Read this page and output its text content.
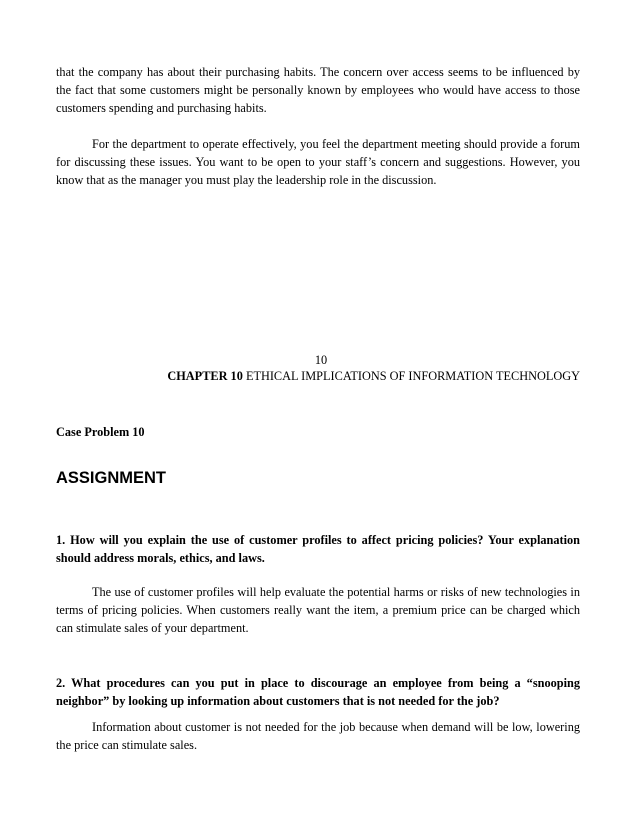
that the company has about their purchasing habits. The concern over access seems to be influenced by the fact that some customers might be personally known by employees who would have access to those customers spending and purchasing habits.

For the department to operate effectively, you feel the department meeting should provide a forum for discussing these issues. You want to be open to your staff’s concern and suggestions. However, you know that as the manager you must play the leadership role in the discussion.

10
CHAPTER 10 ETHICAL IMPLICATIONS OF INFORMATION TECHNOLOGY
Case Problem 10
ASSIGNMENT

1. How will you explain the use of customer profiles to affect pricing policies? Your explanation should address morals, ethics, and laws.

The use of customer profiles will help evaluate the potential harms or risks of new technologies in terms of pricing policies. When customers really want the item, a premium price can be charged which can stimulate sales of your department.

2. What procedures can you put in place to discourage an employee from being a “snooping neighbor” by looking up information about customers that is not needed for the job?

Information about customer is not needed for the job because when demand will be low, lowering the price can stimulate sales.
